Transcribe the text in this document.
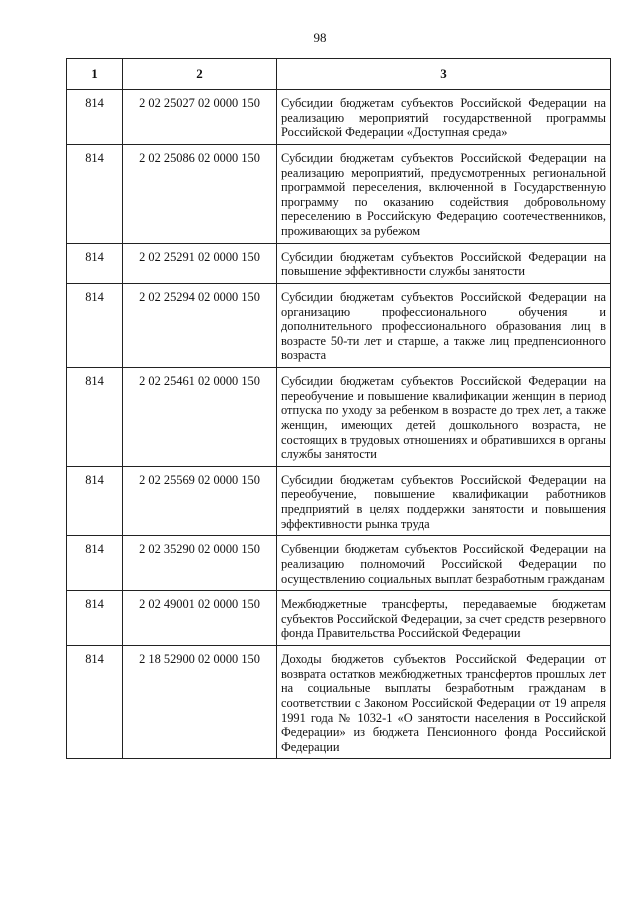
98
1	2	3
814	2 02 25027 02 0000 150	Субсидии бюджетам субъектов Российской Федерации на реализацию мероприятий государственной программы Российской Федерации «Доступная среда»
814	2 02 25086 02 0000 150	Субсидии бюджетам субъектов Российской Федерации на реализацию мероприятий, предусмотренных региональной программой переселения, включенной в Государственную программу по оказанию содействия добровольному переселению в Российскую Федерацию соотечественников, проживающих за рубежом
814	2 02 25291 02 0000 150	Субсидии бюджетам субъектов Российской Федерации на повышение эффективности службы занятости
814	2 02 25294 02 0000 150	Субсидии бюджетам субъектов Российской Федерации на организацию профессионального обучения и дополнительного профессионального образования лиц в возрасте 50-ти лет и старше, а также лиц предпенсионного возраста
814	2 02 25461 02 0000 150	Субсидии бюджетам субъектов Российской Федерации на переобучение и повышение квалификации женщин в период отпуска по уходу за ребенком в возрасте до трех лет, а также женщин, имеющих детей дошкольного возраста, не состоящих в трудовых отношениях и обратившихся в органы службы занятости
814	2 02 25569 02 0000 150	Субсидии бюджетам субъектов Российской Федерации на переобучение, повышение квалификации работников предприятий в целях поддержки занятости и повышения эффективности рынка труда
814	2 02 35290 02 0000 150	Субвенции бюджетам субъектов Российской Федерации на реализацию полномочий Российской Федерации по осуществлению социальных выплат безработным гражданам
814	2 02 49001 02 0000 150	Межбюджетные трансферты, передаваемые бюджетам субъектов Российской Федерации, за счет средств резервного фонда Правительства Российской Федерации
814	2 18 52900 02 0000 150	Доходы бюджетов субъектов Российской Федерации от возврата остатков межбюджетных трансфертов прошлых лет на социальные выплаты безработным гражданам в соответствии с Законом Российской Федерации от 19 апреля 1991 года № 1032-1 «О занятости населения в Российской Федерации» из бюджета Пенсионного фонда Российской Федерации
